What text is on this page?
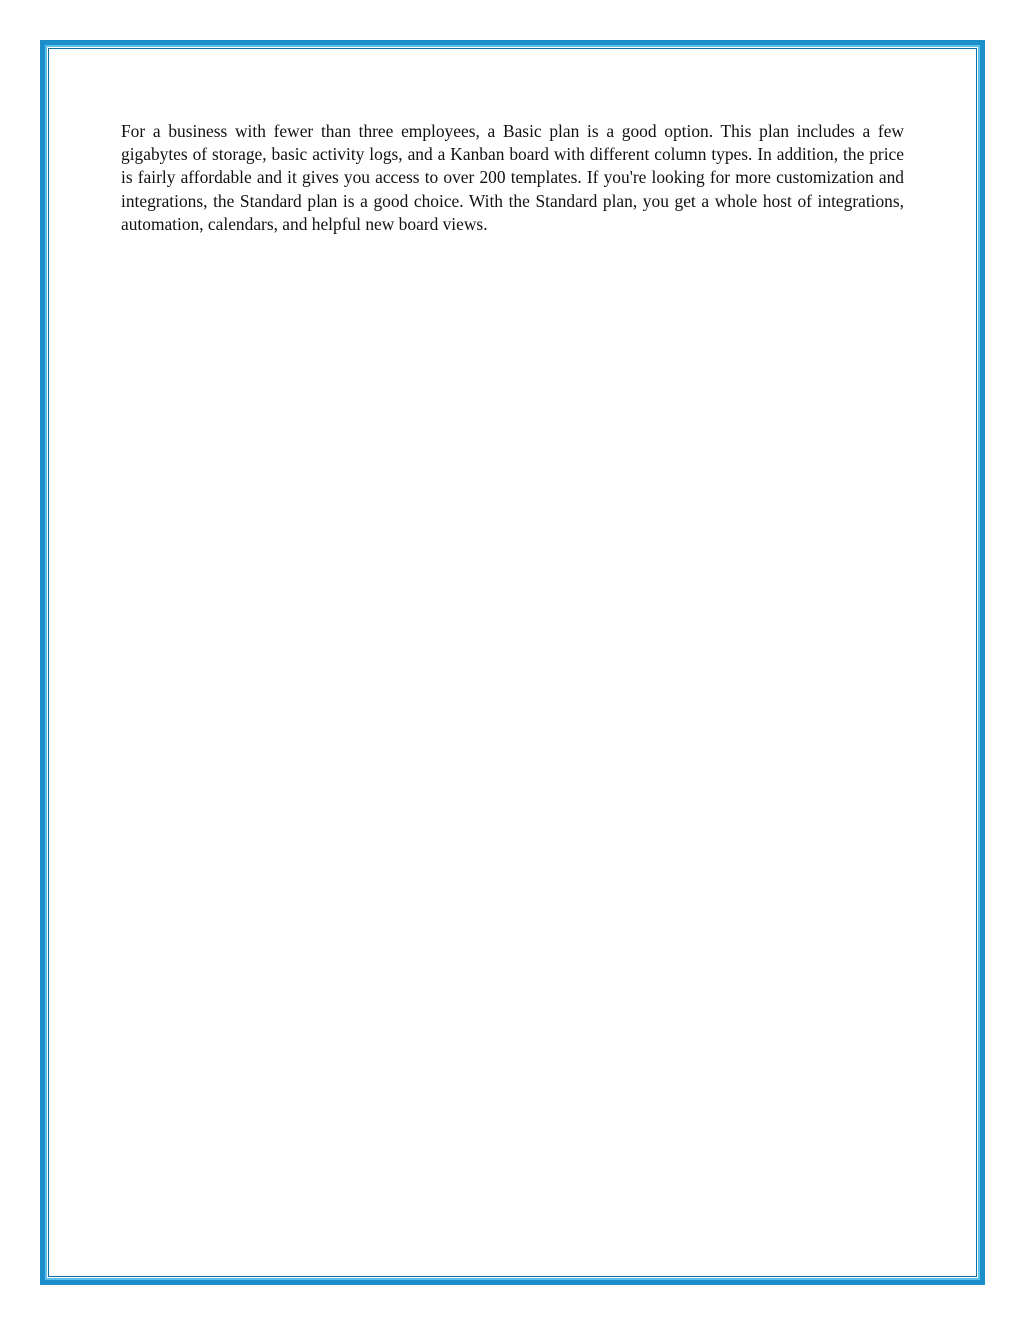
For a business with fewer than three employees, a Basic plan is a good option. This plan includes a few gigabytes of storage, basic activity logs, and a Kanban board with different column types. In addition, the price is fairly affordable and it gives you access to over 200 templates. If you're looking for more customization and integrations, the Standard plan is a good choice. With the Standard plan, you get a whole host of integrations, automation, calendars, and helpful new board views.
